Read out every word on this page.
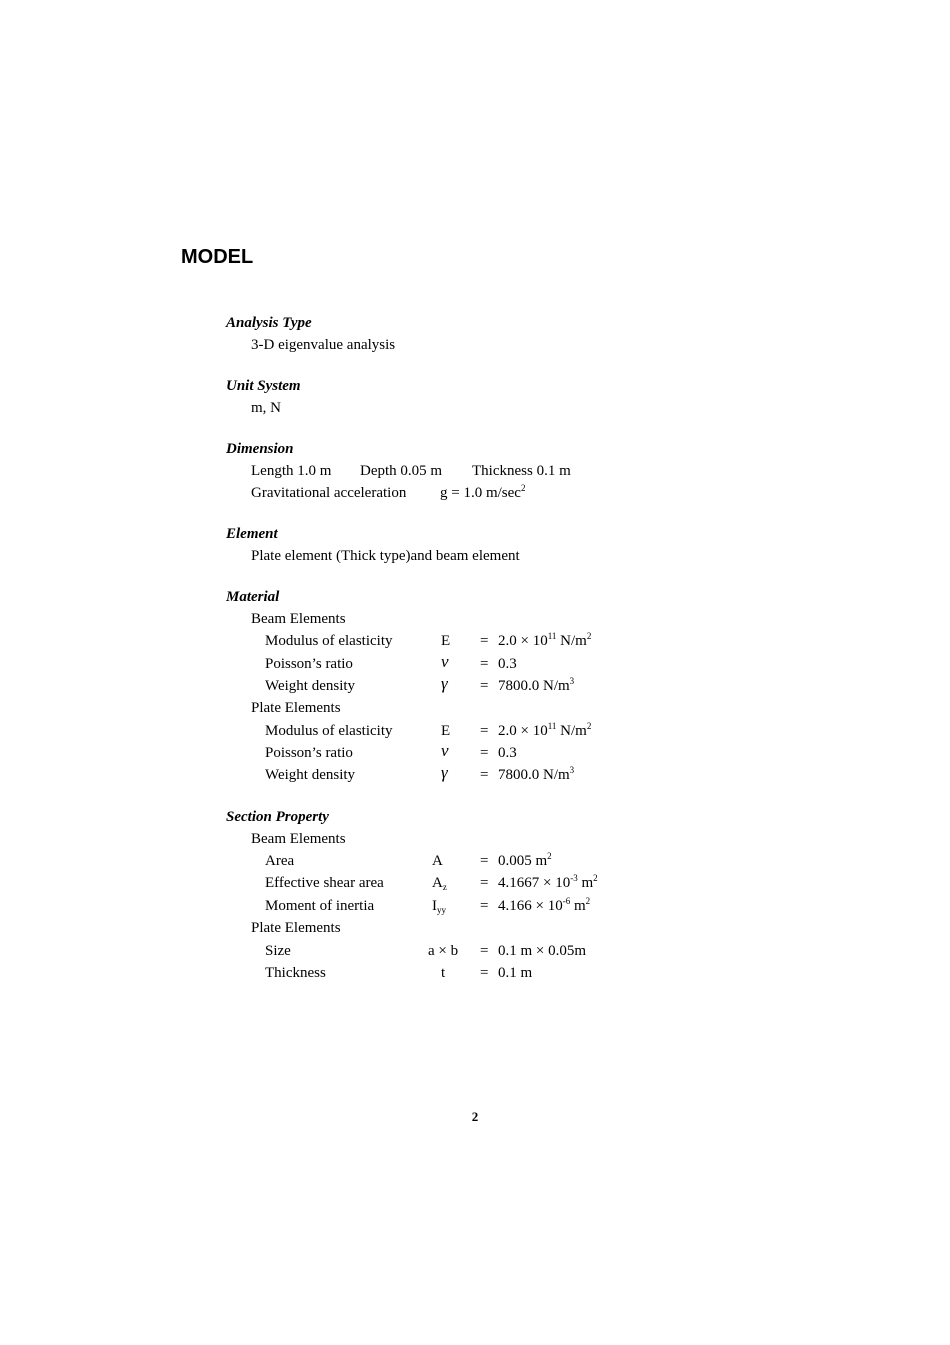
MODEL
Analysis Type
3-D eigenvalue analysis
Unit System
m, N
Dimension
Length 1.0 m Depth 0.05 m Thickness 0.1 m
Gravitational acceleration g = 1.0 $m/\sec^2$
Element
Plate element (Thick type)and beam element
Material
Beam Elements
Modulus of elasticity	$E = 2.0 \times 10^{11}$ $N/m^2$
Poisson’s ratio	ν = 0.3
Weight density	γ = 7800.0 $N/m^3$
Plate Elements
Modulus of elasticity	$E = 2.0 \times 10^{11}$ $N/m^2$
Poisson’s ratio	ν = 0.3
Weight density	γ = 7800.0 $N/m^3$
Section Property
Beam Elements
Area	A = 0.005 $m^2$
Effective shear area	$A_z = 4.1667 \times 10^{-3}$ $m^2$
Moment of inertia	$I_{yy} = 4.166 \times 10^{-6}$ $m^2$
Plate Elements
Size	a × b = 0.1 m × 0.05m
Thickness	t = 0.1 m
2
